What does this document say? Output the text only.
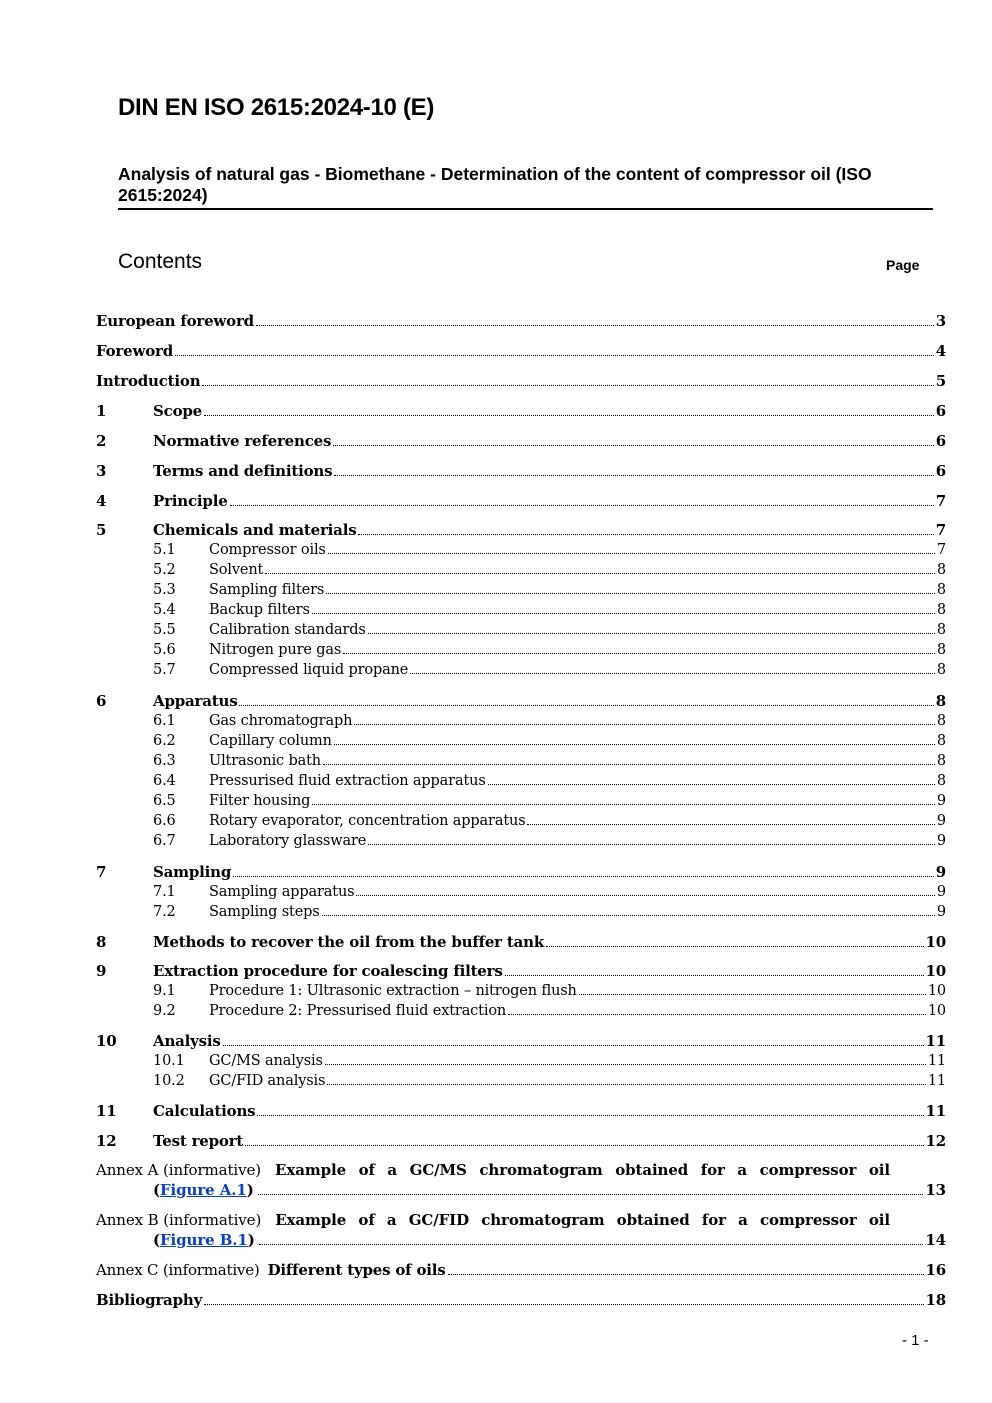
DIN EN ISO 2615:2024-10 (E)
Analysis of natural gas - Biomethane - Determination of the content of compressor oil (ISO 2615:2024)
Contents	Page
European foreword	3
Foreword	4
Introduction	5
1	Scope	6
2	Normative references	6
3	Terms and definitions	6
4	Principle	7
5	Chemicals and materials	7
5.1	Compressor oils	7
5.2	Solvent	8
5.3	Sampling filters	8
5.4	Backup filters	8
5.5	Calibration standards	8
5.6	Nitrogen pure gas	8
5.7	Compressed liquid propane	8
6	Apparatus	8
6.1	Gas chromatograph	8
6.2	Capillary column	8
6.3	Ultrasonic bath	8
6.4	Pressurised fluid extraction apparatus	8
6.5	Filter housing	9
6.6	Rotary evaporator, concentration apparatus	9
6.7	Laboratory glassware	9
7	Sampling	9
7.1	Sampling apparatus	9
7.2	Sampling steps	9
8	Methods to recover the oil from the buffer tank	10
9	Extraction procedure for coalescing filters	10
9.1	Procedure 1: Ultrasonic extraction – nitrogen flush	10
9.2	Procedure 2: Pressurised fluid extraction	10
10	Analysis	11
10.1	GC/MS analysis	11
10.2	GC/FID analysis	11
11	Calculations	11
12	Test report	12
Annex A (informative) Example of a GC/MS chromatogram obtained for a compressor oil
( Figure A.1 )	13
Annex B (informative) Example of a GC/FID chromatogram obtained for a compressor oil
( Figure B.1 )	14
Annex C (informative) Different types of oils	16
Bibliography	18
- 1 -
